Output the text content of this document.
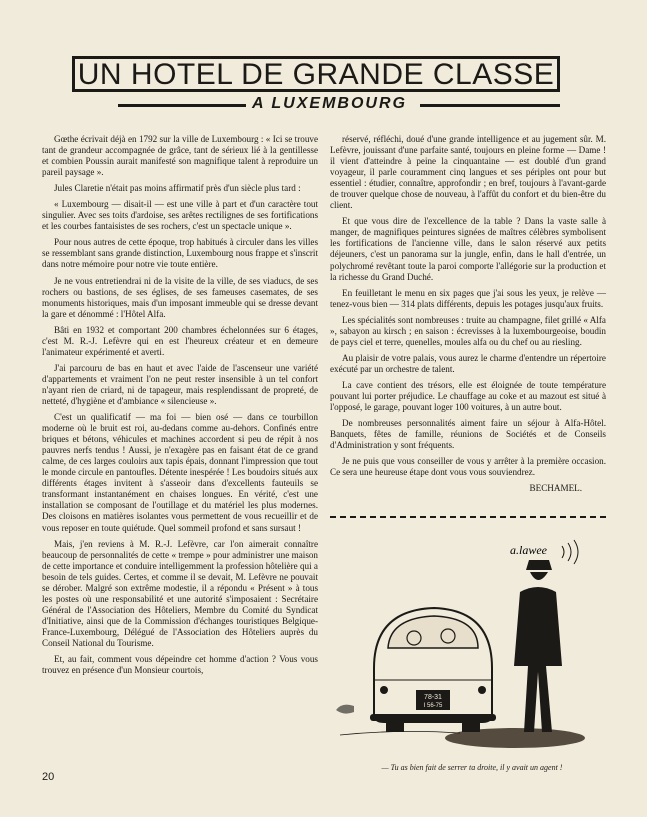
UN HOTEL DE GRANDE CLASSE
A LUXEMBOURG

Gœthe écrivait déjà en 1792 sur la ville de Luxembourg : « Ici se trouve tant de grandeur accompagnée de grâce, tant de sérieux lié à la gentillesse et combien Poussin aurait manifesté son magnifique talent à reproduire un pareil paysage ».

Jules Claretie n'était pas moins affirmatif près d'un siècle plus tard :

« Luxembourg — disait-il — est une ville à part et d'un caractère tout singulier. Avec ses toits d'ardoise, ses arêtes rectilignes de ses fortifications et les courbes fantaisistes de ses rochers, c'est un spectacle unique ».

Pour nous autres de cette époque, trop habitués à circuler dans les villes se ressemblant sans grande distinction, Luxembourg nous frappe et s'inscrit dans notre mémoire pour notre vie toute entière.

Je ne vous entretiendrai ni de la visite de la ville, de ses viaducs, de ses rochers ou bastions, de ses églises, de ses fameuses casemates, de ses monuments historiques, mais d'un imposant immeuble qui se dresse devant la gare et dénommé : l'Hôtel Alfa.

Bâti en 1932 et comportant 200 chambres échelonnées sur 6 étages, c'est M. R.-J. Lefèvre qui en est l'heureux créateur et en demeure l'animateur expérimenté et averti.

J'ai parcouru de bas en haut et avec l'aide de l'ascenseur une variété d'appartements et vraiment l'on ne peut rester insensible à un tel confort n'ayant rien de criard, ni de tapageur, mais resplendissant de propreté, de netteté, d'hygiène et d'ambiance « silencieuse ».

C'est un qualificatif — ma foi — bien osé — dans ce tourbillon moderne où le bruit est roi, au-dedans comme au-dehors. Confinés entre briques et bétons, véhicules et machines accordent si peu de répit à nos pauvres nerfs tendus ! Aussi, je n'exagère pas en faisant état de ce grand calme, de ces larges couloirs aux tapis épais, donnant l'impression que tout le monde circule en pantoufles. Détente inespérée ! Les boudoirs situés aux différents étages invitent à s'asseoir dans d'excellents fauteuils se transformant instantanément en chaises longues. En vérité, c'est une installation se composant de l'outillage et du matériel les plus modernes. Des cloisons en matières isolantes vous permettent de vous recueillir et de vous reposer en toute quiétude. Quel sommeil profond et sans sursaut !

Mais, j'en reviens à M. R.-J. Lefèvre, car l'on aimerait connaître beaucoup de personnalités de cette « trempe » pour administrer une maison de cette importance et conduire intelligemment la profession hôtelière qui a besoin de tels guides. Certes, et comme il se devait, M. Lefèvre ne pouvait se dérober. Malgré son extrême modestie, il a répondu « Présent » à tous les postes où une responsabilité et une autorité s'imposaient : Secrétaire Général de l'Association des Hôteliers, Membre du Comité du Syndicat d'Initiative, ainsi que de la Commission d'échanges touristiques Belgique-France-Luxembourg, Délégué de l'Association des Hôteliers auprès du Conseil National du Tourisme.

Et, au fait, comment vous dépeindre cet homme d'action ? Vous vous trouvez en présence d'un Monsieur courtois,

réservé, réfléchi, doué d'une grande intelligence et au jugement sûr. M. Lefèvre, jouissant d'une parfaite santé, toujours en pleine forme — Dame ! il vient d'atteindre à peine la cinquantaine — est doublé d'un grand voyageur, il parle couramment cinq langues et ses périples ont pour but essentiel : étudier, connaître, approfondir ; en bref, toujours à l'avant-garde de trouver quelque chose de nouveau, à l'affût du confort et du bien-être du client.

Et que vous dire de l'excellence de la table ? Dans la vaste salle à manger, de magnifiques peintures signées de maîtres célèbres symbolisent les fortifications de l'ancienne ville, dans le salon réservé aux petits déjeuners, c'est un panorama sur la jungle, enfin, dans le hall d'entrée, un polychromé revêtant toute la paroi comporte l'allégorie sur la production et la richesse du Grand Duché.

En feuilletant le menu en six pages que j'ai sous les yeux, je relève — tenez-vous bien — 314 plats différents, depuis les potages jusqu'aux fruits.

Les spécialités sont nombreuses : truite au champagne, filet grillé « Alfa », sabayon au kirsch ; en saison : écrevisses à la luxembourgeoise, boudin de pays ciel et terre, quenelles, moules alfa ou du chef ou au riesling.

Au plaisir de votre palais, vous aurez le charme d'entendre un répertoire exécuté par un orchestre de talent.

La cave contient des trésors, elle est éloignée de toute température pouvant lui porter préjudice. Le chauffage au coke et au mazout est situé à l'opposé, le garage, pouvant loger 100 voitures, à un autre bout.

De nombreuses personnalités aiment faire un séjour à Alfa-Hôtel. Banquets, fêtes de famille, réunions de Sociétés et de Conseils d'Administration y sont fréquents.

Je ne puis que vous conseiller de vous y arrêter à la première occasion. Ce sera une heureuse étape dont vous vous souviendrez.

BECHAMEL.

a.lawee
78-31
I 56-75
— Tu as bien fait de serrer ta droite, il y avait un agent !
20
